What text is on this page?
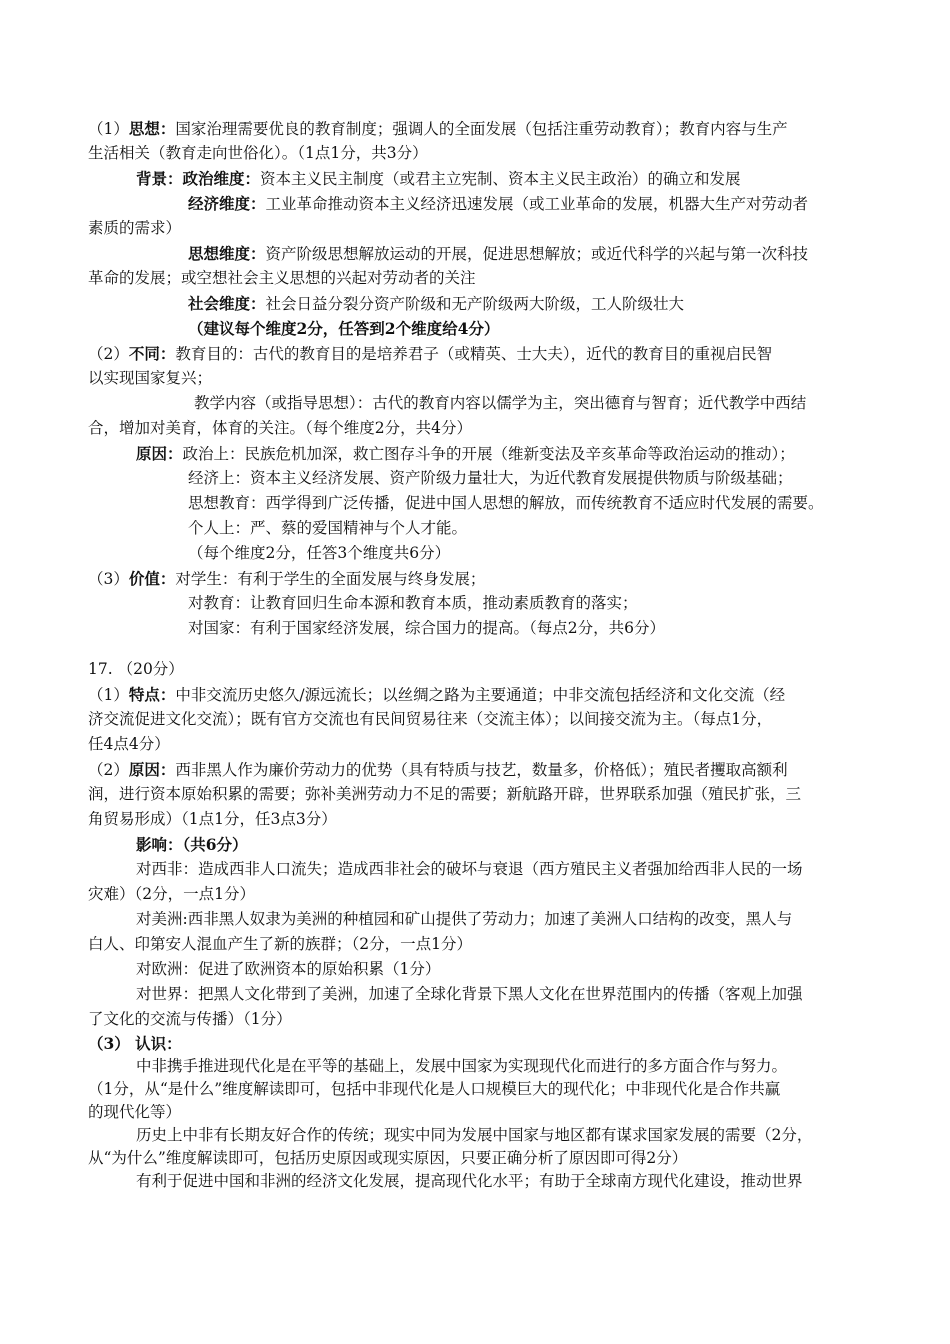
（1）思想：国家治理需要优良的教育制度；强调人的全面发展（包括注重劳动教育）；教育内容与生产
生活相关（教育走向世俗化）。（1点1分，共3分）
背景：政治维度：资本主义民主制度（或君主立宪制、资本主义民主政治）的确立和发展
经济维度：工业革命推动资本主义经济迅速发展（或工业革命的发展，机器大生产对劳动者
素质的需求）
思想维度：资产阶级思想解放运动的开展，促进思想解放；或近代科学的兴起与第一次科技
革命的发展；或空想社会主义思想的兴起对劳动者的关注
社会维度：社会日益分裂分资产阶级和无产阶级两大阶级，工人阶级壮大
（建议每个维度2分，任答到2个维度给4分）
（2）不同：教育目的：古代的教育目的是培养君子（或精英、士大夫），近代的教育目的重视启民智
以实现国家复兴；
教学内容（或指导思想）：古代的教育内容以儒学为主，突出德育与智育；近代教学中西结
合，增加对美育，体育的关注。（每个维度2分，共4分）
原因：政治上：民族危机加深，救亡图存斗争的开展（维新变法及辛亥革命等政治运动的推动）；
经济上：资本主义经济发展、资产阶级力量壮大，为近代教育发展提供物质与阶级基础；
思想教育：西学得到广泛传播，促进中国人思想的解放，而传统教育不适应时代发展的需要。
个人上：严、蔡的爱国精神与个人才能。
（每个维度2分，任答3个维度共6分）
（3）价值：对学生：有利于学生的全面发展与终身发展；
对教育：让教育回归生命本源和教育本质，推动素质教育的落实；
对国家：有利于国家经济发展，综合国力的提高。（每点2分，共6分）
17. （20分）
（1）特点：中非交流历史悠久/源远流长；以丝绸之路为主要通道；中非交流包括经济和文化交流（经
济交流促进文化交流）；既有官方交流也有民间贸易往来（交流主体）；以间接交流为主。（每点1分，
任4点4分）
（2）原因：西非黑人作为廉价劳动力的优势（具有特质与技艺，数量多，价格低）；殖民者攫取高额利
润，进行资本原始积累的需要；弥补美洲劳动力不足的需要；新航路开辟，世界联系加强（殖民扩张，三
角贸易形成）（1点1分，任3点3分）
影响：（共6分）
对西非：造成西非人口流失；造成西非社会的破坏与衰退（西方殖民主义者强加给西非人民的一场
灾难）（2分，一点1分）
对美洲:西非黑人奴隶为美洲的种植园和矿山提供了劳动力；加速了美洲人口结构的改变，黑人与
白人、印第安人混血产生了新的族群；（2分，一点1分）
对欧洲：促进了欧洲资本的原始积累（1分）
对世界：把黑人文化带到了美洲，加速了全球化背景下黑人文化在世界范围内的传播（客观上加强
了文化的交流与传播）（1分）
（3） 认识：
中非携手推进现代化是在平等的基础上，发展中国家为实现现代化而进行的多方面合作与努力。
（1分，从“是什么”维度解读即可，包括中非现代化是人口规模巨大的现代化；中非现代化是合作共赢
的现代化等）
历史上中非有长期友好合作的传统；现实中同为发展中国家与地区都有谋求国家发展的需要（2分，
从“为什么”维度解读即可，包括历史原因或现实原因，只要正确分析了原因即可得2分）
有利于促进中国和非洲的经济文化发展，提高现代化水平；有助于全球南方现代化建设，推动世界
